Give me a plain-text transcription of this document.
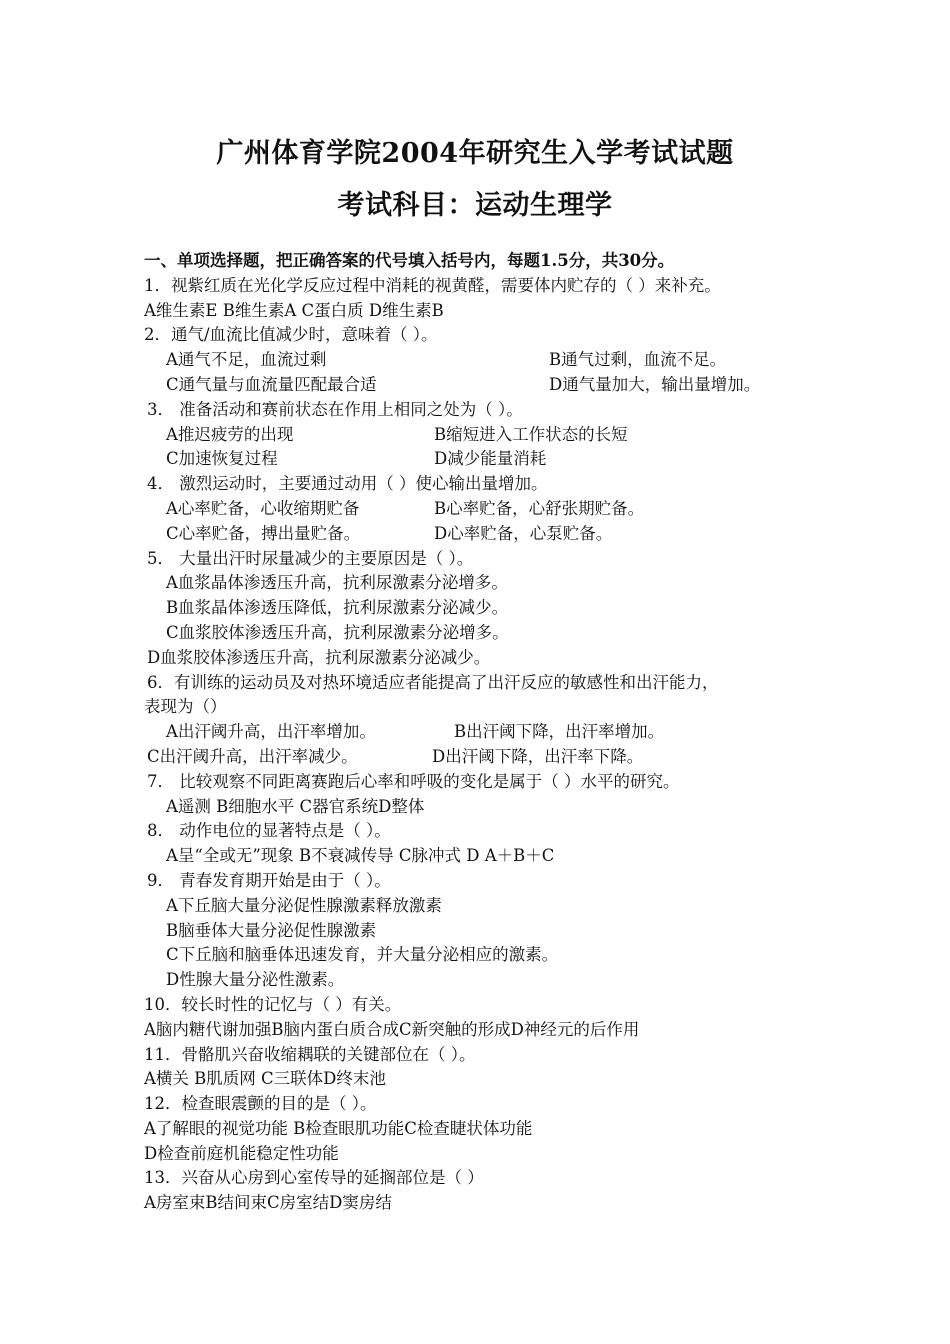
广州体育学院2004年研究生入学考试试题
考试科目：运动生理学
一、单项选择题，把正确答案的代号填入括号内，每题1.5分，共30分。
1．视紫红质在光化学反应过程中消耗的视黄醛，需要体内贮存的（ ）来补充。
A维生素E B维生素A C蛋白质 D维生素B
2．通气/血流比值减少时，意味着（ ）。
A通气不足，血流过剩	B通气过剩，血流不足。
C通气量与血流量匹配最合适	D通气量加大，输出量增加。
3． 准备活动和赛前状态在作用上相同之处为（ ）。
A推迟疲劳的出现	B缩短进入工作状态的长短
C加速恢复过程	D减少能量消耗
4． 激烈运动时，主要通过动用（ ）使心输出量增加。
A心率贮备，心收缩期贮备	B心率贮备，心舒张期贮备。
C心率贮备，搏出量贮备。	D心率贮备，心泵贮备。
5． 大量出汗时尿量减少的主要原因是（ ）。
A血浆晶体渗透压升高，抗利尿激素分泌增多。
B血浆晶体渗透压降低，抗利尿激素分泌减少。
C血浆胶体渗透压升高，抗利尿激素分泌增多。
D血浆胶体渗透压升高，抗利尿激素分泌减少。
6．有训练的运动员及对热环境适应者能提高了出汗反应的敏感性和出汗能力，
表现为（）
A出汗阈升高，出汗率增加。	B出汗阈下降，出汗率增加。
C出汗阈升高，出汗率减少。	D出汗阈下降，出汗率下降。
7． 比较观察不同距离赛跑后心率和呼吸的变化是属于（ ）水平的研究。
A遥测 B细胞水平 C器官系统D整体
8． 动作电位的显著特点是（ ）。
A呈“全或无”现象 B不衰减传导 C脉冲式 D A＋B＋C
9． 青春发育期开始是由于（ ）。
A下丘脑大量分泌促性腺激素释放激素
B脑垂体大量分泌促性腺激素
C下丘脑和脑垂体迅速发育，并大量分泌相应的激素。
D性腺大量分泌性激素。
10．较长时性的记忆与（ ）有关。
A脑内糖代谢加强B脑内蛋白质合成C新突触的形成D神经元的后作用
11．骨骼肌兴奋收缩耦联的关键部位在（ ）。
A横关 B肌质网 C三联体D终末池
12．检查眼震颤的目的是（ ）。
A了解眼的视觉功能 B检查眼肌功能C检查睫状体功能
D检查前庭机能稳定性功能
13．兴奋从心房到心室传导的延搁部位是（ ）
A房室束B结间束C房室结D窦房结
